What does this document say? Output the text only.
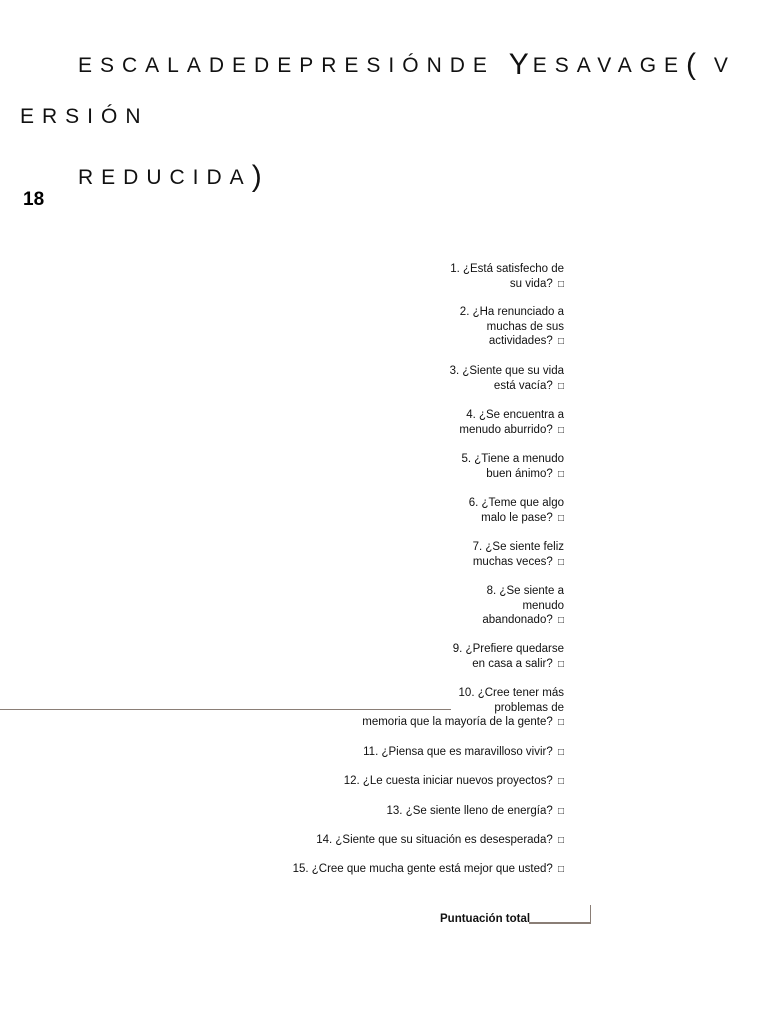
ESCALADEDEPRESIÓNDE YESAVAGE( V
ERSIÓN
REDUCIDA)
18
1. ¿Está satisfecho de
su vida? □
2. ¿Ha renunciado a
muchas de sus
actividades? □
3. ¿Siente que su vida
está vacía? □
4. ¿Se encuentra a
menudo aburrido? □
5. ¿Tiene a menudo
buen ánimo? □
6. ¿Teme que algo
malo le pase? □
7. ¿Se siente feliz
muchas veces? □
8. ¿Se siente a
menudo
abandonado? □
9. ¿Prefiere quedarse
en casa a salir? □
10. ¿Cree tener más
problemas de
memoria que la mayoría de la gente? □
11. ¿Piensa que es maravilloso vivir? □
12. ¿Le cuesta iniciar nuevos proyectos? □
13. ¿Se siente lleno de energía? □
14. ¿Siente que su situación es desesperada? □
15. ¿Cree que mucha gente está mejor que usted? □
Puntuación total
